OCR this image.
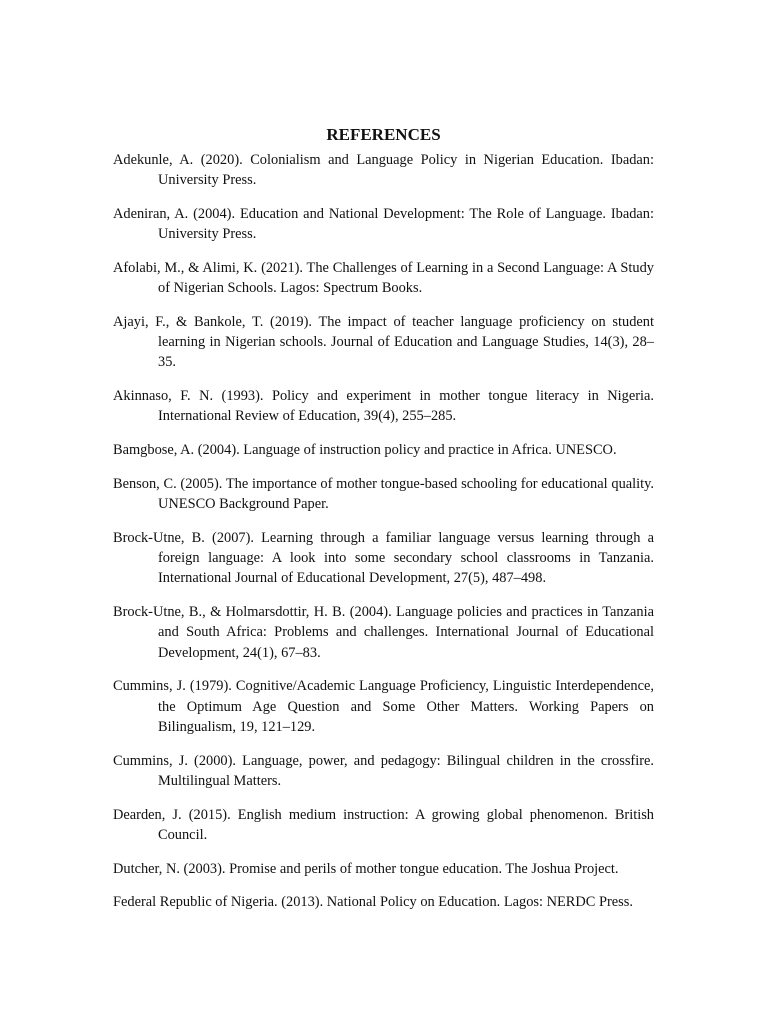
REFERENCES
Adekunle, A. (2020). Colonialism and Language Policy in Nigerian Education. Ibadan: University Press.
Adeniran, A. (2004). Education and National Development: The Role of Language. Ibadan: University Press.
Afolabi, M., & Alimi, K. (2021). The Challenges of Learning in a Second Language: A Study of Nigerian Schools. Lagos: Spectrum Books.
Ajayi, F., & Bankole, T. (2019). The impact of teacher language proficiency on student learning in Nigerian schools. Journal of Education and Language Studies, 14(3), 28–35.
Akinnaso, F. N. (1993). Policy and experiment in mother tongue literacy in Nigeria. International Review of Education, 39(4), 255–285.
Bamgbose, A. (2004). Language of instruction policy and practice in Africa. UNESCO.
Benson, C. (2005). The importance of mother tongue-based schooling for educational quality. UNESCO Background Paper.
Brock-Utne, B. (2007). Learning through a familiar language versus learning through a foreign language: A look into some secondary school classrooms in Tanzania. International Journal of Educational Development, 27(5), 487–498.
Brock-Utne, B., & Holmarsdottir, H. B. (2004). Language policies and practices in Tanzania and South Africa: Problems and challenges. International Journal of Educational Development, 24(1), 67–83.
Cummins, J. (1979). Cognitive/Academic Language Proficiency, Linguistic Interdependence, the Optimum Age Question and Some Other Matters. Working Papers on Bilingualism, 19, 121–129.
Cummins, J. (2000). Language, power, and pedagogy: Bilingual children in the crossfire. Multilingual Matters.
Dearden, J. (2015). English medium instruction: A growing global phenomenon. British Council.
Dutcher, N. (2003). Promise and perils of mother tongue education. The Joshua Project.
Federal Republic of Nigeria. (2013). National Policy on Education. Lagos: NERDC Press.
